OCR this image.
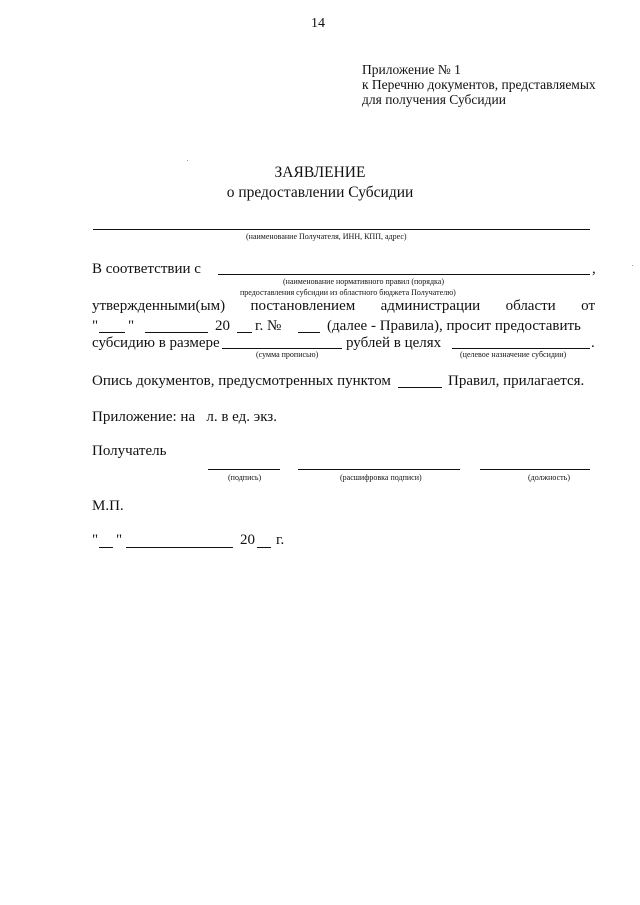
14
Приложение № 1
к Перечню документов, представляемых
для получения Субсидии
ЗАЯВЛЕНИЕ
о предоставлении Субсидии
(наименование Получателя, ИНН, КПП, адрес)
В соответствии с	,
(наименование нормативного правил (порядка)
предоставления субсидии из областного бюджета Получателю)
утвержденными(ым) постановлением администрации области от
" "	20 г. №	(далее - Правила), просит предоставить
субсидию в размере	рублей в целях	.
(сумма прописью)	(целевое назначение субсидии)
Опись документов, предусмотренных пунктом	Правил, прилагается.
Приложение: на   л. в ед. экз.
Получатель
(подпись)	(расшифровка подписи)	(должность)
М.П.
" "	20 г.
